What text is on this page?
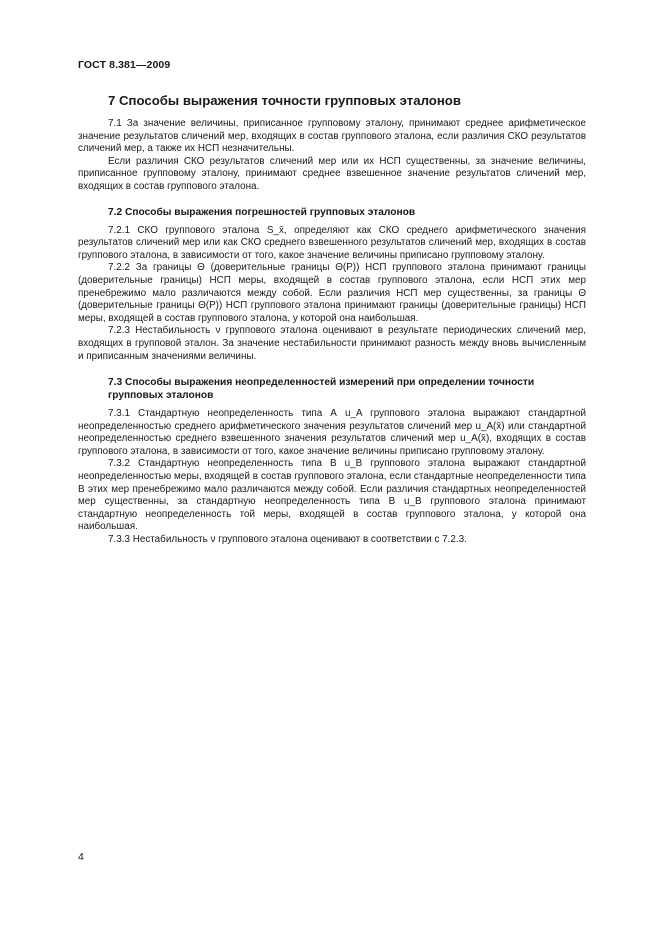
ГОСТ 8.381—2009
7 Способы выражения точности групповых эталонов

7.1 За значение величины, приписанное групповому эталону, принимают среднее арифметическое значение результатов сличений мер, входящих в состав группового эталона, если различия СКО результатов сличений мер, а также их НСП незначительны.

Если различия СКО результатов сличений мер или их НСП существенны, за значение величины, приписанное групповому эталону, принимают среднее взвешенное значение результатов сличений мер, входящих в состав группового эталона.

7.2 Способы выражения погрешностей групповых эталонов

7.2.1 СКО группового эталона S_x̄, определяют как СКО среднего арифметического значения результатов сличений мер или как СКО среднего взвешенного результатов сличений мер, входящих в состав группового эталона, в зависимости от того, какое значение величины приписано групповому эталону.

7.2.2 За границы Θ (доверительные границы Θ(P)) НСП группового эталона принимают границы (доверительные границы) НСП меры, входящей в состав группового эталона, если НСП этих мер пренебрежимо мало различаются между собой. Если различия НСП мер существенны, за границы Θ (доверительные границы Θ(P)) НСП группового эталона принимают границы (доверительные границы) НСП меры, входящей в состав группового эталона, у которой она наибольшая.

7.2.3 Нестабильность ν группового эталона оценивают в результате периодических сличений мер, входящих в групповой эталон. За значение нестабильности принимают разность между вновь вычисленным и приписанным значениями величины.

7.3 Способы выражения неопределенностей измерений при определении точности групповых эталонов

7.3.1 Стандартную неопределенность типа А u_A группового эталона выражают стандартной неопределенностью среднего арифметического значения результатов сличений мер u_A(x̄) или стандартной неопределенностью среднего взвешенного значения результатов сличений мер u_A(x̄), входящих в состав группового эталона, в зависимости от того, какое значение величины приписано групповому эталону.

7.3.2 Стандартную неопределенность типа В u_B группового эталона выражают стандартной неопределенностью меры, входящей в состав группового эталона, если стандартные неопределенности типа В этих мер пренебрежимо мало различаются между собой. Если различия стандартных неопределенностей мер существенны, за стандартную неопределенность типа В u_B группового эталона принимают стандартную неопределенность той меры, входящей в состав группового эталона, у которой она наибольшая.

7.3.3 Нестабильность ν группового эталона оценивают в соответствии с 7.2.3.

4
